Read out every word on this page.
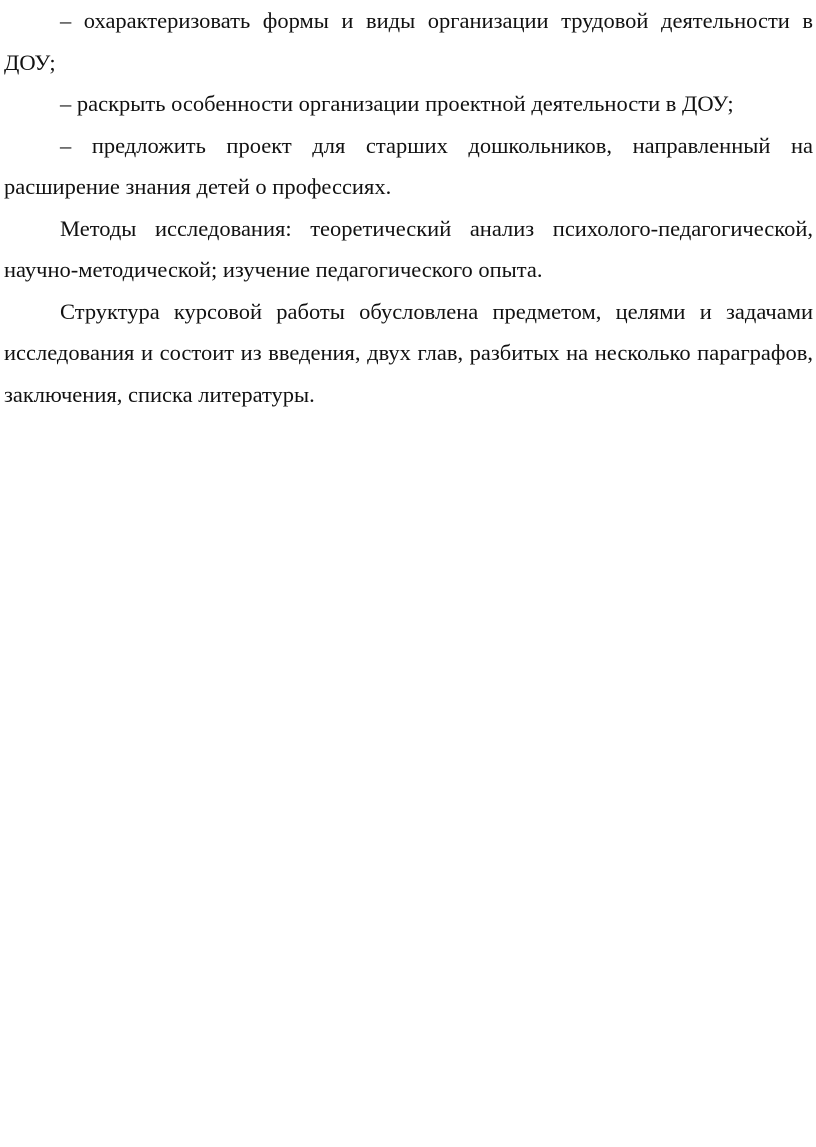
– охарактеризовать формы и виды организации трудовой деятельности в ДОУ;

– раскрыть особенности организации проектной деятельности в ДОУ;

– предложить проект для старших дошкольников, направленный на расширение знания детей о профессиях.

Методы исследования: теоретический анализ психолого-педагогической, научно-методической; изучение педагогического опыта.

Структура курсовой работы обусловлена предметом, целями и задачами исследования и состоит из введения, двух глав, разбитых на несколько параграфов, заключения, списка литературы.
